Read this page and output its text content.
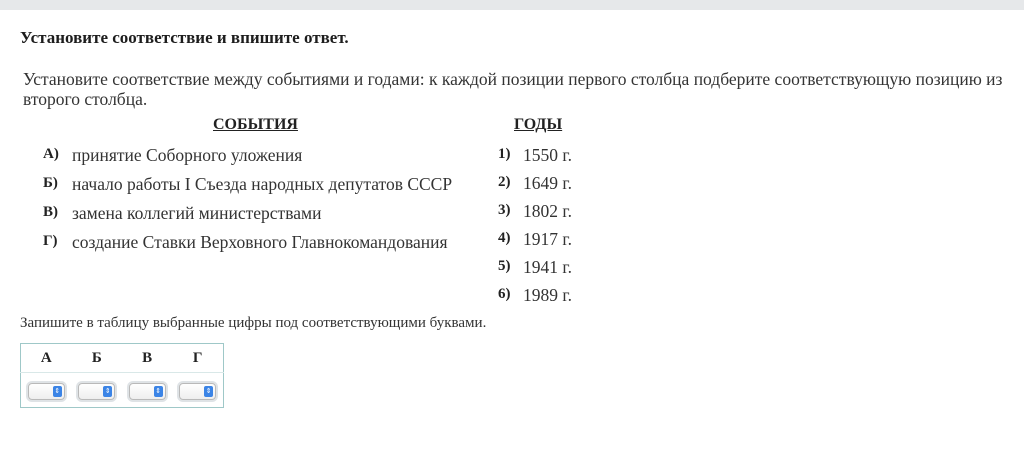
Установите соответствие и впишите ответ.
Установите соответствие между событиями и годами: к каждой позиции первого столбца подберите соответствующую позицию из второго столбца.
СОБЫТИЯ	ГОДЫ
А) принятие Соборного уложения
Б) начало работы I Съезда народных депутатов СССР
В) замена коллегий министерствами
Г) создание Ставки Верховного Главнокомандования
1) 1550 г.
2) 1649 г.
3) 1802 г.
4) 1917 г.
5) 1941 г.
6) 1989 г.
Запишите в таблицу выбранные цифры под соответствующими буквами.
А	Б	В	Г

⇕	⇕	⇕	⇕
